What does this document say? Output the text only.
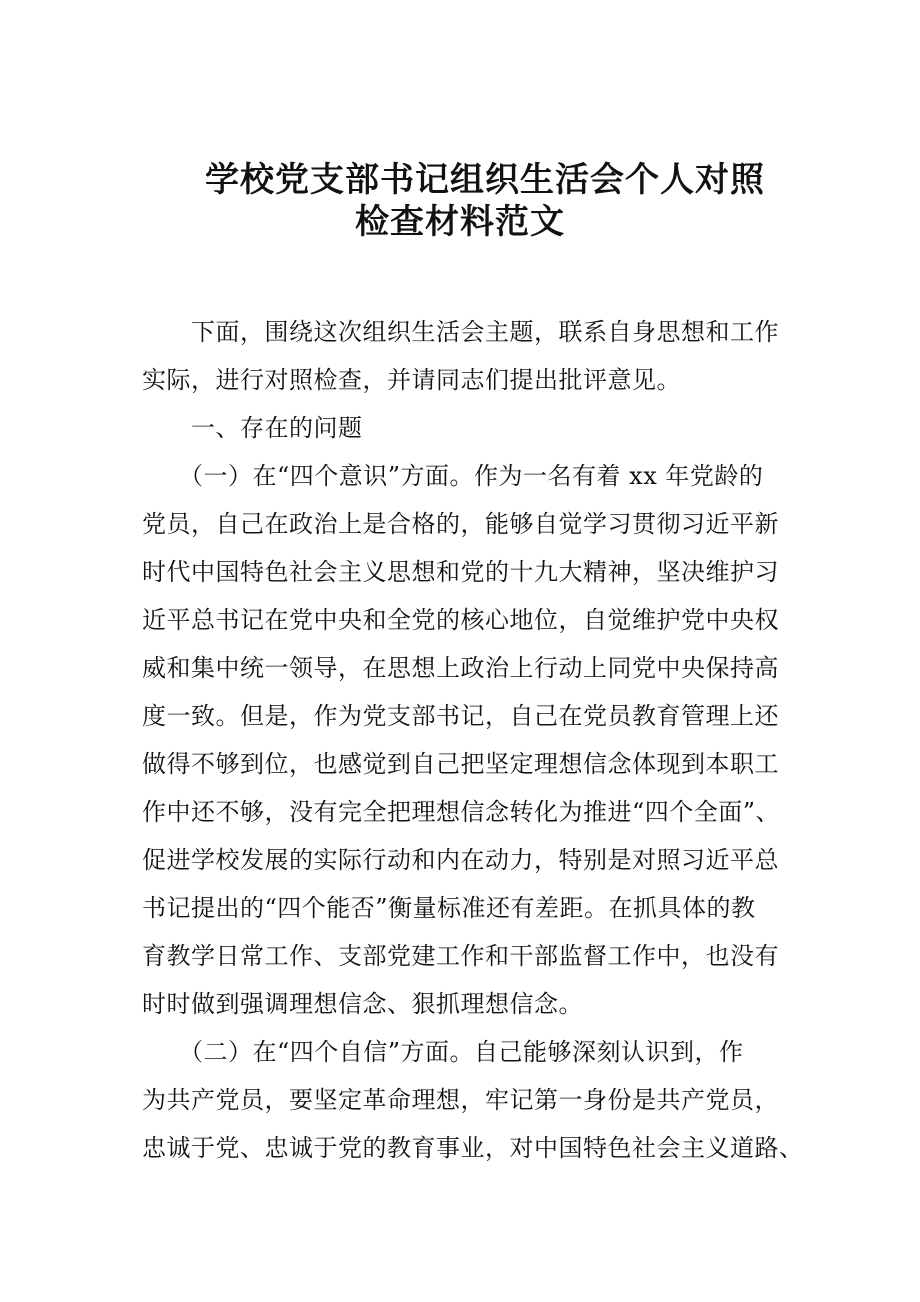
学校党支部书记组织生活会个人对照
检查材料范文

　　下面，围绕这次组织生活会主题，联系自身思想和工作

实际，进行对照检查，并请同志们提出批评意见。

　　一、存在的问题

　　（一）在“四个意识”方面。作为一名有着 xx 年党龄的

党员，自己在政治上是合格的，能够自觉学习贯彻习近平新

时代中国特色社会主义思想和党的十九大精神，坚决维护习

近平总书记在党中央和全党的核心地位，自觉维护党中央权

威和集中统一领导，在思想上政治上行动上同党中央保持高

度一致。但是，作为党支部书记，自己在党员教育管理上还

做得不够到位，也感觉到自己把坚定理想信念体现到本职工

作中还不够，没有完全把理想信念转化为推进“四个全面”、

促进学校发展的实际行动和内在动力，特别是对照习近平总

书记提出的“四个能否”衡量标准还有差距。在抓具体的教

育教学日常工作、支部党建工作和干部监督工作中，也没有

时时做到强调理想信念、狠抓理想信念。

　　（二）在“四个自信”方面。自己能够深刻认识到，作

为共产党员，要坚定革命理想，牢记第一身份是共产党员，

忠诚于党、忠诚于党的教育事业，对中国特色社会主义道路、
